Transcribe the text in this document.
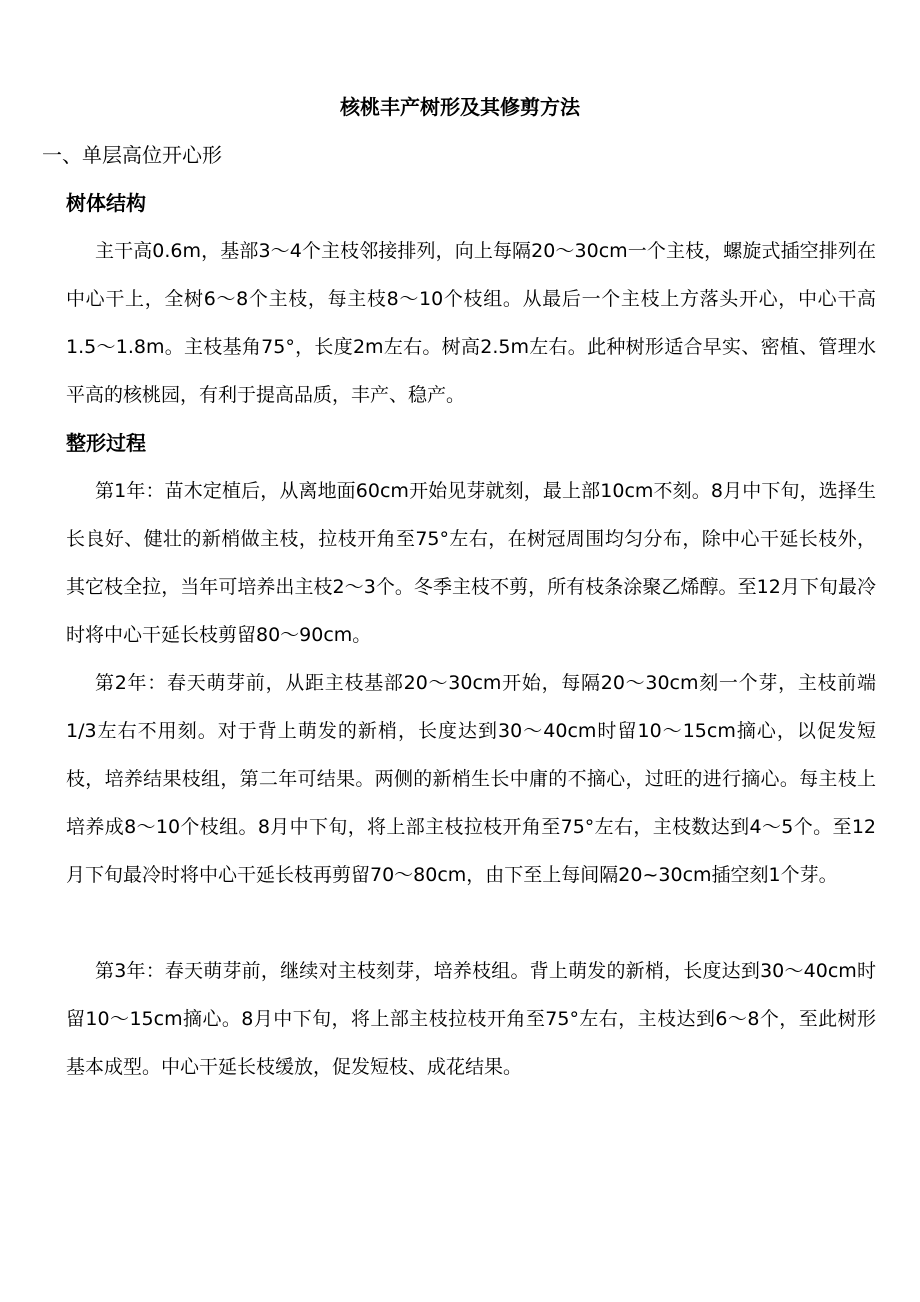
核桃丰产树形及其修剪方法
一、单层高位开心形
树体结构

主干高0.6m，基部3～4个主枝邻接排列，向上每隔20～30cm一个主枝，螺旋式插空排列在中心干上，全树6～8个主枝，每主枝8～10个枝组。从最后一个主枝上方落头开心，中心干高1.5～1.8m。主枝基角75°，长度2m左右。树高2.5m左右。此种树形适合早实、密植、管理水平高的核桃园，有利于提高品质，丰产、稳产。

整形过程

第1年：苗木定植后，从离地面60cm开始见芽就刻，最上部10cm不刻。8月中下旬，选择生长良好、健壮的新梢做主枝，拉枝开角至75°左右，在树冠周围均匀分布，除中心干延长枝外，其它枝全拉，当年可培养出主枝2～3个。冬季主枝不剪，所有枝条涂聚乙烯醇。至12月下旬最冷时将中心干延长枝剪留80～90cm。

第2年：春天萌芽前，从距主枝基部20～30cm开始，每隔20～30cm刻一个芽，主枝前端1/3左右不用刻。对于背上萌发的新梢，长度达到30～40cm时留10～15cm摘心，以促发短枝，培养结果枝组，第二年可结果。两侧的新梢生长中庸的不摘心，过旺的进行摘心。每主枝上培养成8～10个枝组。8月中下旬，将上部主枝拉枝开角至75°左右，主枝数达到4～5个。至12月下旬最冷时将中心干延长枝再剪留70～80cm，由下至上每间隔20~30cm插空刻1个芽。

第3年：春天萌芽前，继续对主枝刻芽，培养枝组。背上萌发的新梢，长度达到30～40cm时留10～15cm摘心。8月中下旬，将上部主枝拉枝开角至75°左右，主枝达到6～8个，至此树形基本成型。中心干延长枝缓放，促发短枝、成花结果。
